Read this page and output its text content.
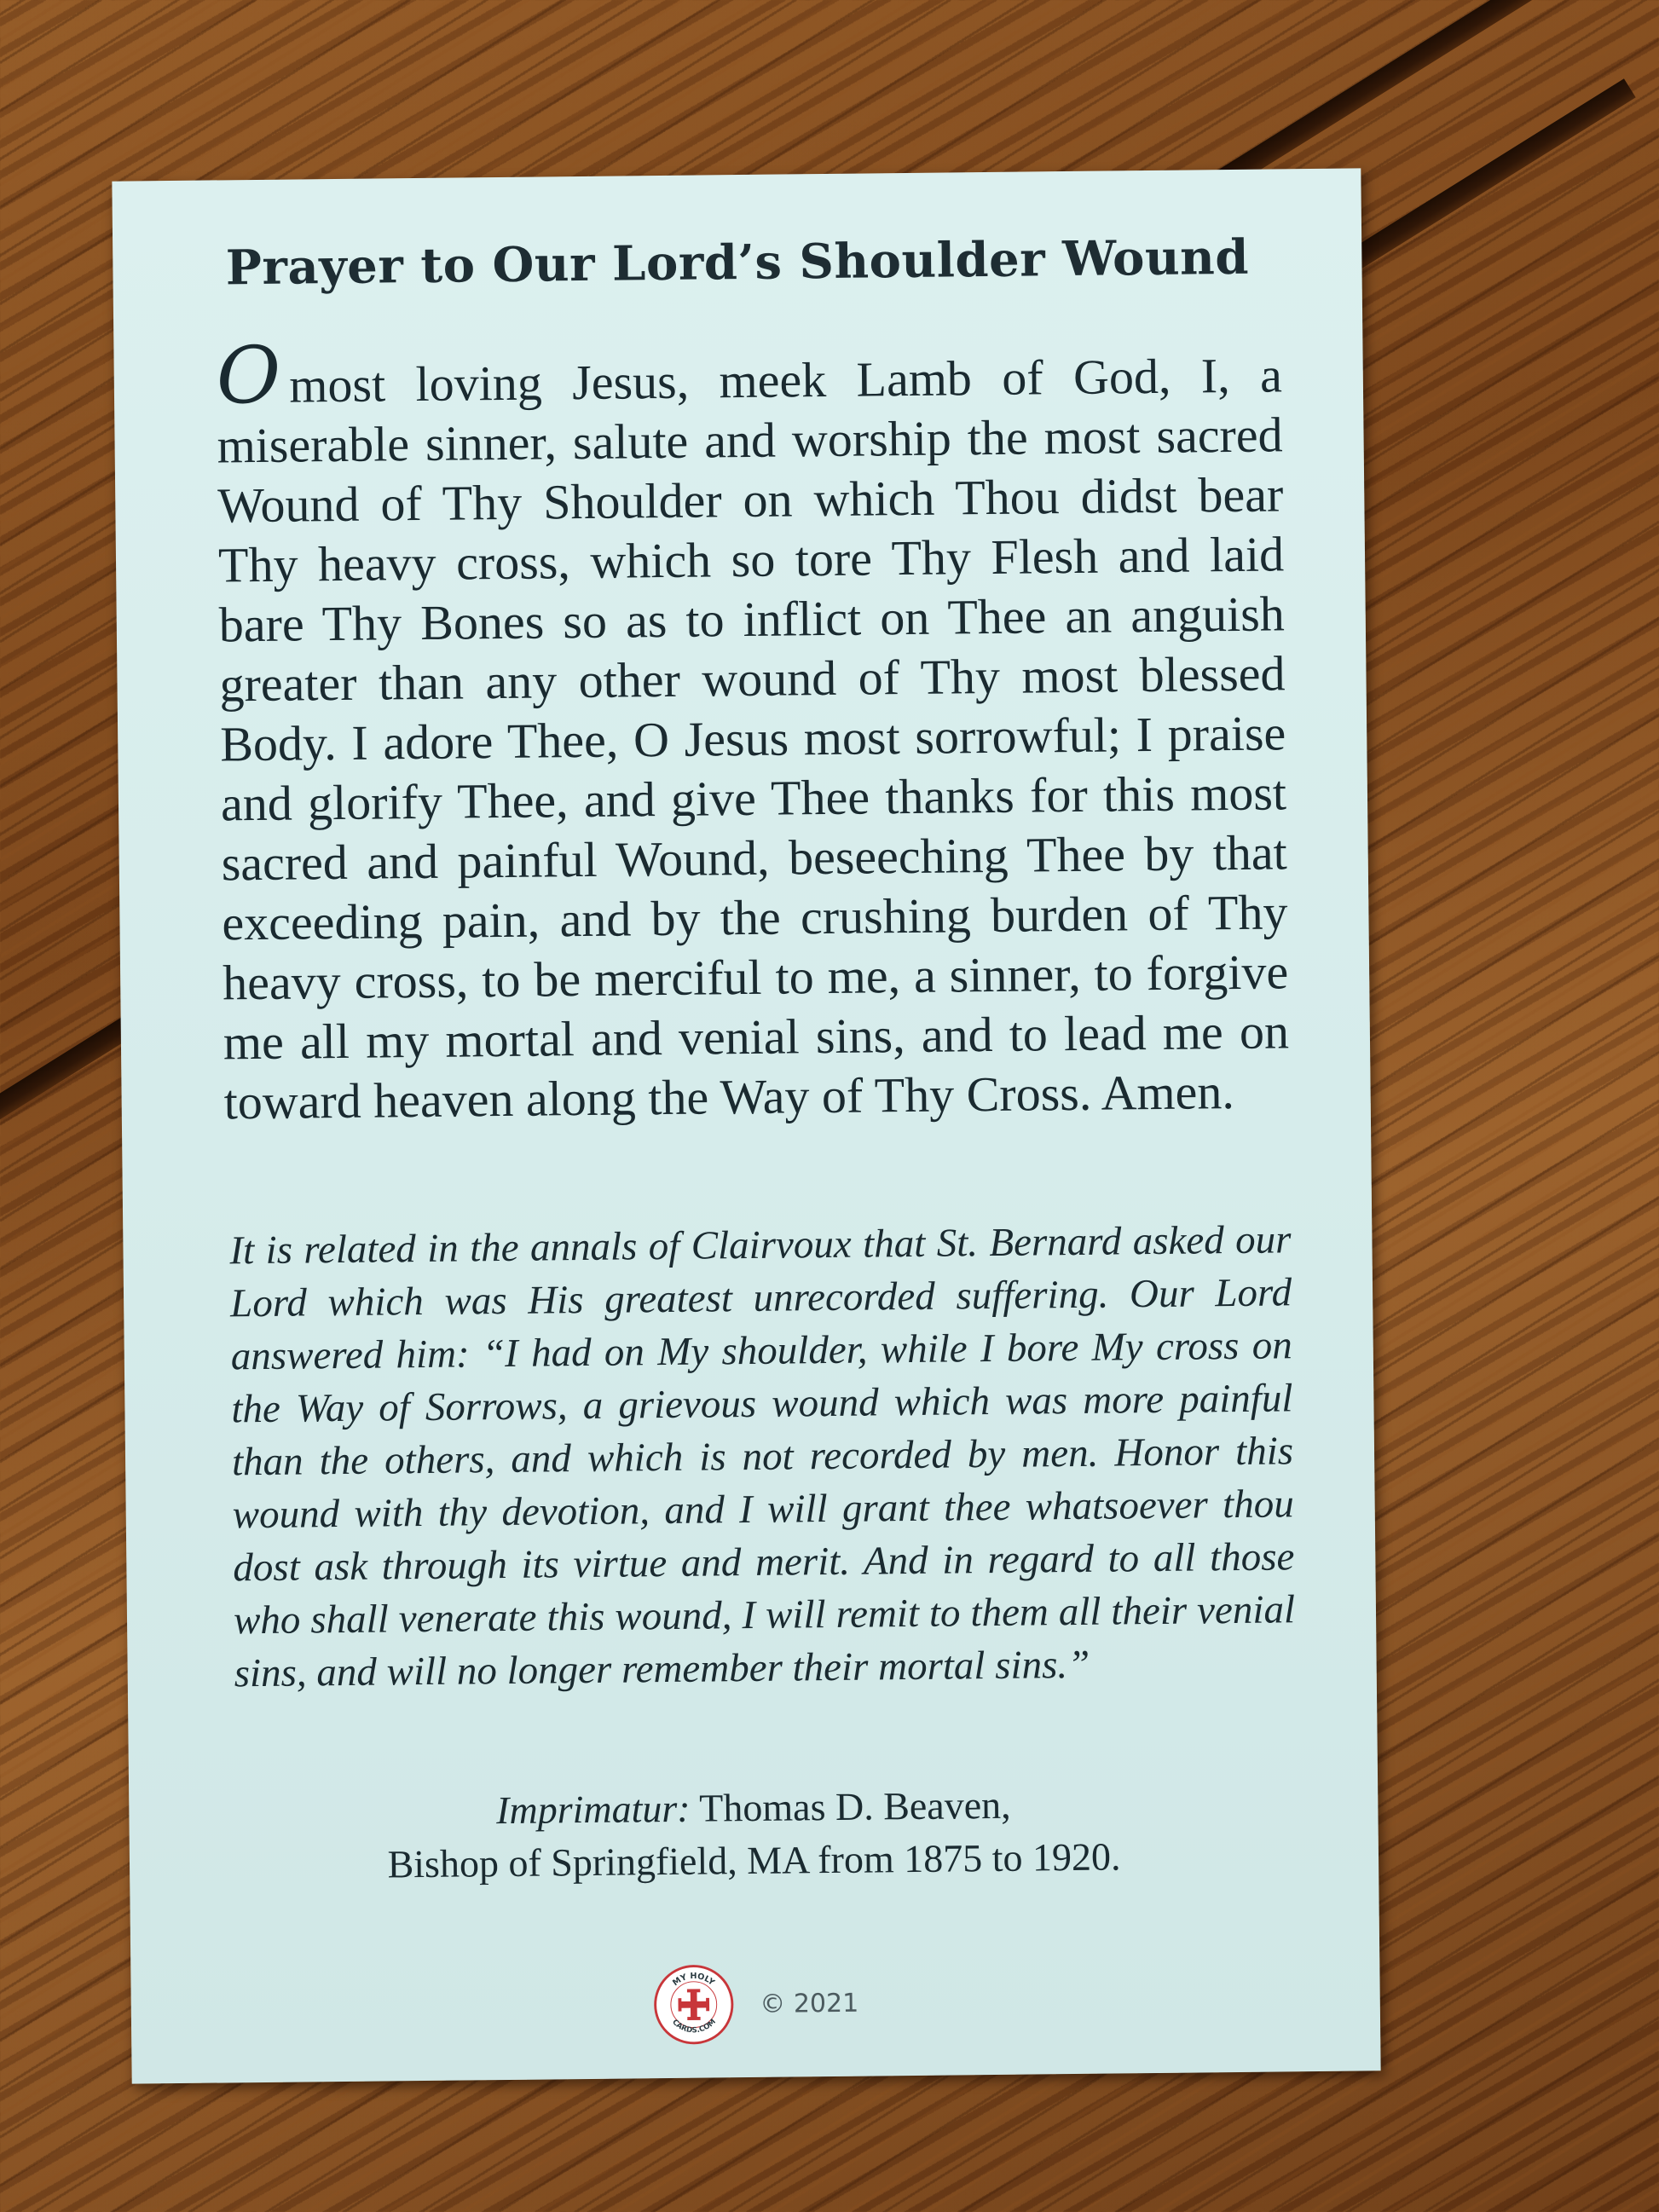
Prayer to Our Lord’s Shoulder Wound
Omost loving Jesus, meek Lamb of God, I, a miserable sinner, salute and worship the most sacred Wound of Thy Shoulder on which Thou didst bear Thy heavy cross, which so tore Thy Flesh and laid bare Thy Bones so as to inflict on Thee an anguish greater than any other wound of Thy most blessed Body. I adore Thee, O Jesus most sorrowful; I praise and glorify Thee, and give Thee thanks for this most sacred and painful Wound, beseeching Thee by that exceeding pain, and by the crushing burden of Thy heavy cross, to be merciful to me, a sinner, to forgive me all my mortal and venial sins, and to lead me on toward heaven along the Way of Thy Cross. Amen.
It is related in the annals of Clairvoux that St. Bernard asked our Lord which was His greatest unrecorded suffering. Our Lord answered him: “I had on My shoulder, while I bore My cross on the Way of Sorrows, a grievous wound which was more painful than the others, and which is not recorded by men. Honor this wound with thy devotion, and I will grant thee whatsoever thou dost ask through its virtue and merit. And in regard to all those who shall venerate this wound, I will remit to them all their venial sins, and will no longer remember their mortal sins.”
Imprimatur: Thomas D. Beaven,
Bishop of Springfield, MA from 1875 to 1920.
MY HOLY
CARDS.COM
© 2021
